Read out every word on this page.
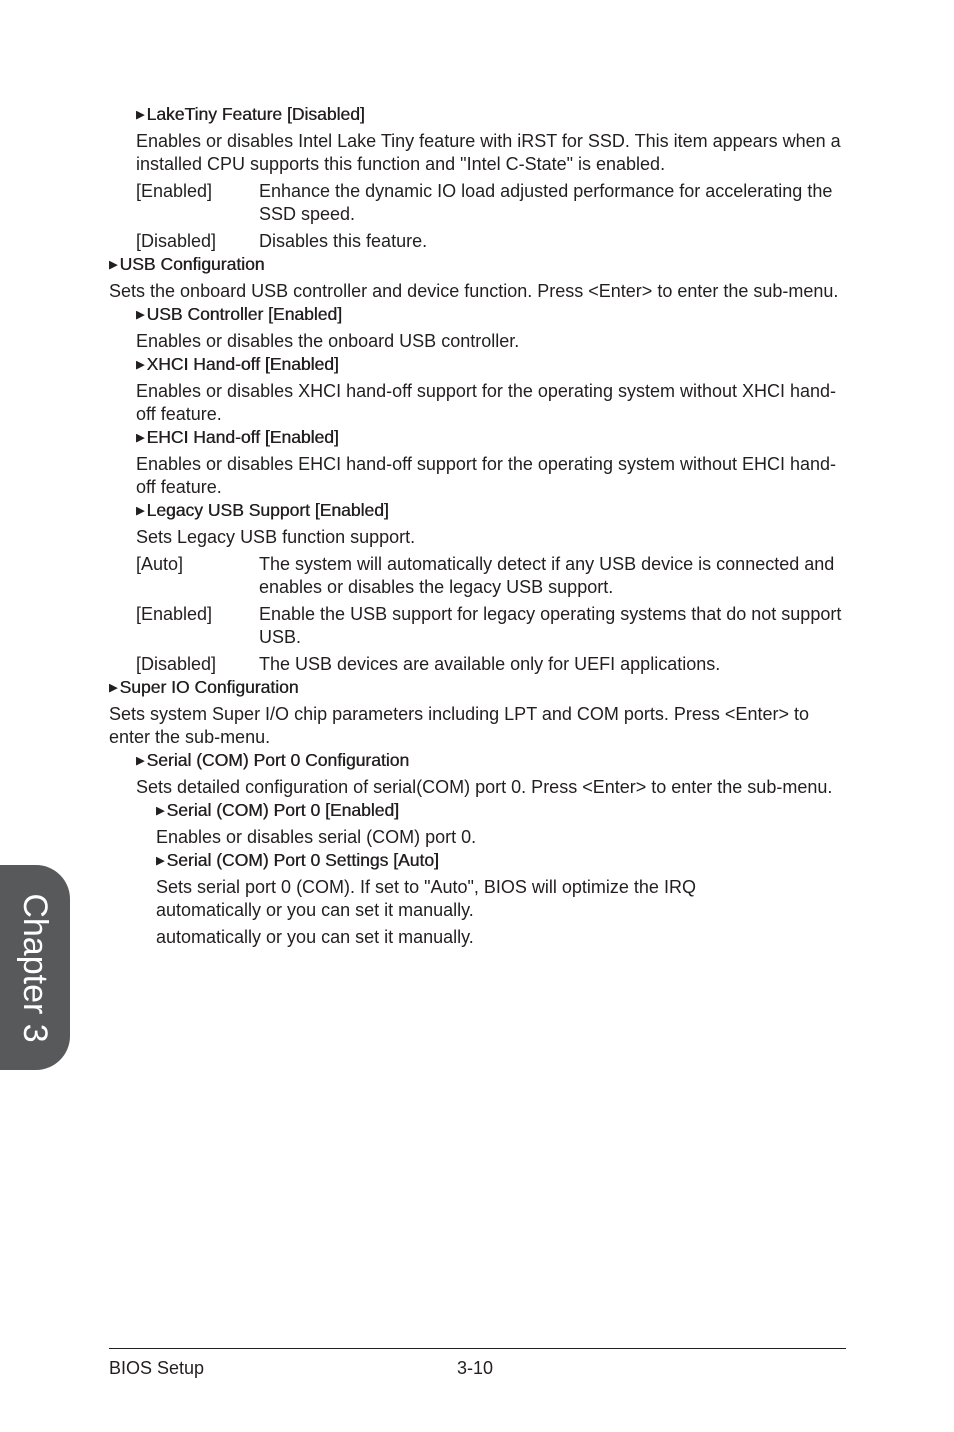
▶ LakeTiny Feature [Disabled]

Enables or disables Intel Lake Tiny feature with iRST for SSD. This item appears when a installed CPU supports this function and "Intel C-State" is enabled.

[Enabled]	Enhance the dynamic IO load adjusted performance for accelerating the SSD speed.
[Disabled]	Disables this feature.
▶ USB Configuration

Sets the onboard USB controller and device function. Press <Enter> to enter the sub-menu.

▶ USB Controller [Enabled]

Enables or disables the onboard USB controller.

▶ XHCI Hand-off [Enabled]

Enables or disables XHCI hand-off support for the operating system without XHCI hand-off feature.

▶ EHCI Hand-off [Enabled]

Enables or disables EHCI hand-off support for the operating system without EHCI hand-off feature.

▶ Legacy USB Support [Enabled]

Sets Legacy USB function support.

[Auto]	The system will automatically detect if any USB device is connected and enables or disables the legacy USB support.
[Enabled]	Enable the USB support for legacy operating systems that do not support USB.
[Disabled]	The USB devices are available only for UEFI applications.
▶ Super IO Configuration

Sets system Super I/O chip parameters including LPT and COM ports. Press <Enter> to enter the sub-menu.

▶ Serial (COM) Port 0 Configuration

Sets detailed configuration of serial(COM) port 0. Press <Enter> to enter the sub-menu.

▶ Serial (COM) Port 0 [Enabled]

Enables or disables serial (COM) port 0.

▶ Serial (COM) Port 0 Settings [Auto]

Sets serial port 0 (COM). If set to "Auto", BIOS will optimize the IRQ automatically or you can set it manually.

automatically or you can set it manually.

Chapter 3
BIOS Setup	3-10
